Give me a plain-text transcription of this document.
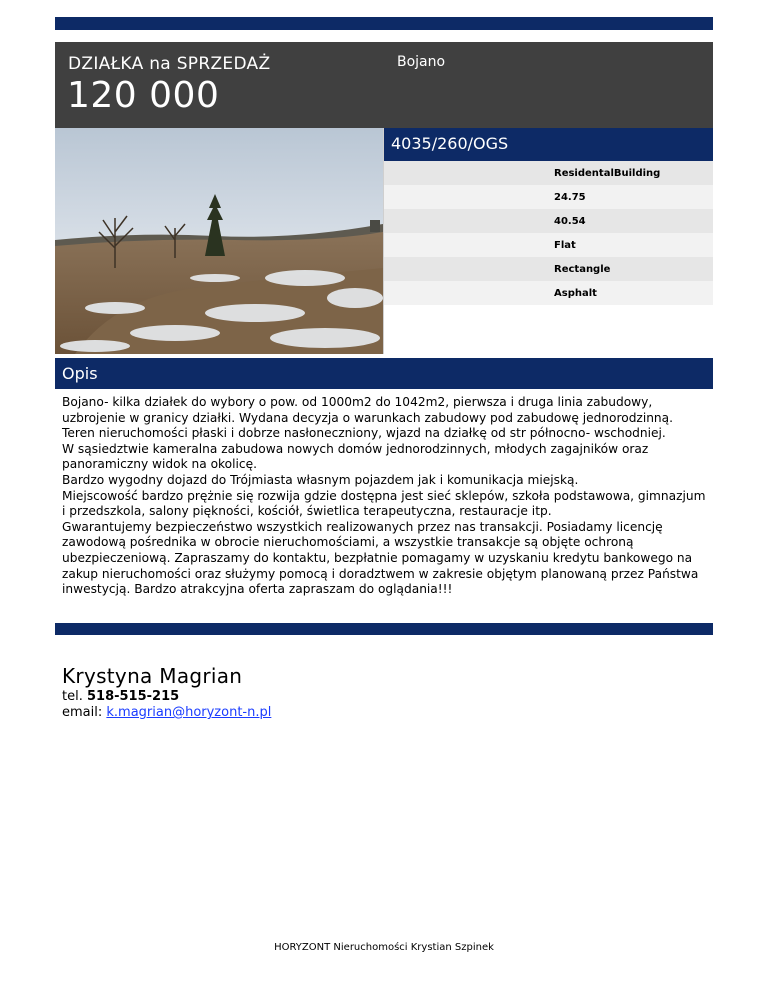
DZIAŁKA na SPRZEDAŻ
120 000
Bojano
4035/260/OGS
ResidentalBuilding
24.75
40.54
Flat
Rectangle
Asphalt
Opis

Bojano- kilka działek do wybory o pow. od 1000m2 do 1042m2, pierwsza i druga linia zabudowy, uzbrojenie w granicy działki. Wydana decyzja o warunkach zabudowy pod zabudowę jednorodzinną.

Teren nieruchomości płaski i dobrze nasłoneczniony, wjazd na działkę od str północno- wschodniej.

W sąsiedztwie kameralna zabudowa nowych domów jednorodzinnych, młodych zagajników oraz panoramiczny widok na okolicę.

Bardzo wygodny dojazd do Trójmiasta własnym pojazdem jak i komunikacja miejską.

Miejscowość bardzo prężnie się rozwija gdzie dostępna jest sieć sklepów, szkoła podstawowa, gimnazjum i przedszkola, salony piękności, kościół, świetlica terapeutyczna, restauracje itp.

Gwarantujemy bezpieczeństwo wszystkich realizowanych przez nas transakcji. Posiadamy licencję zawodową pośrednika w obrocie nieruchomościami, a wszystkie transakcje są objęte ochroną ubezpieczeniową. Zapraszamy do kontaktu, bezpłatnie pomagamy w uzyskaniu kredytu bankowego na zakup nieruchomości oraz służymy pomocą i doradztwem w zakresie objętym planowaną przez Państwa inwestycją. Bardzo atrakcyjna oferta zapraszam do oglądania!!!

Krystyna Magrian
tel. 518-515-215
email: k.magrian@horyzont-n.pl
HORYZONT Nieruchomości Krystian Szpinek
